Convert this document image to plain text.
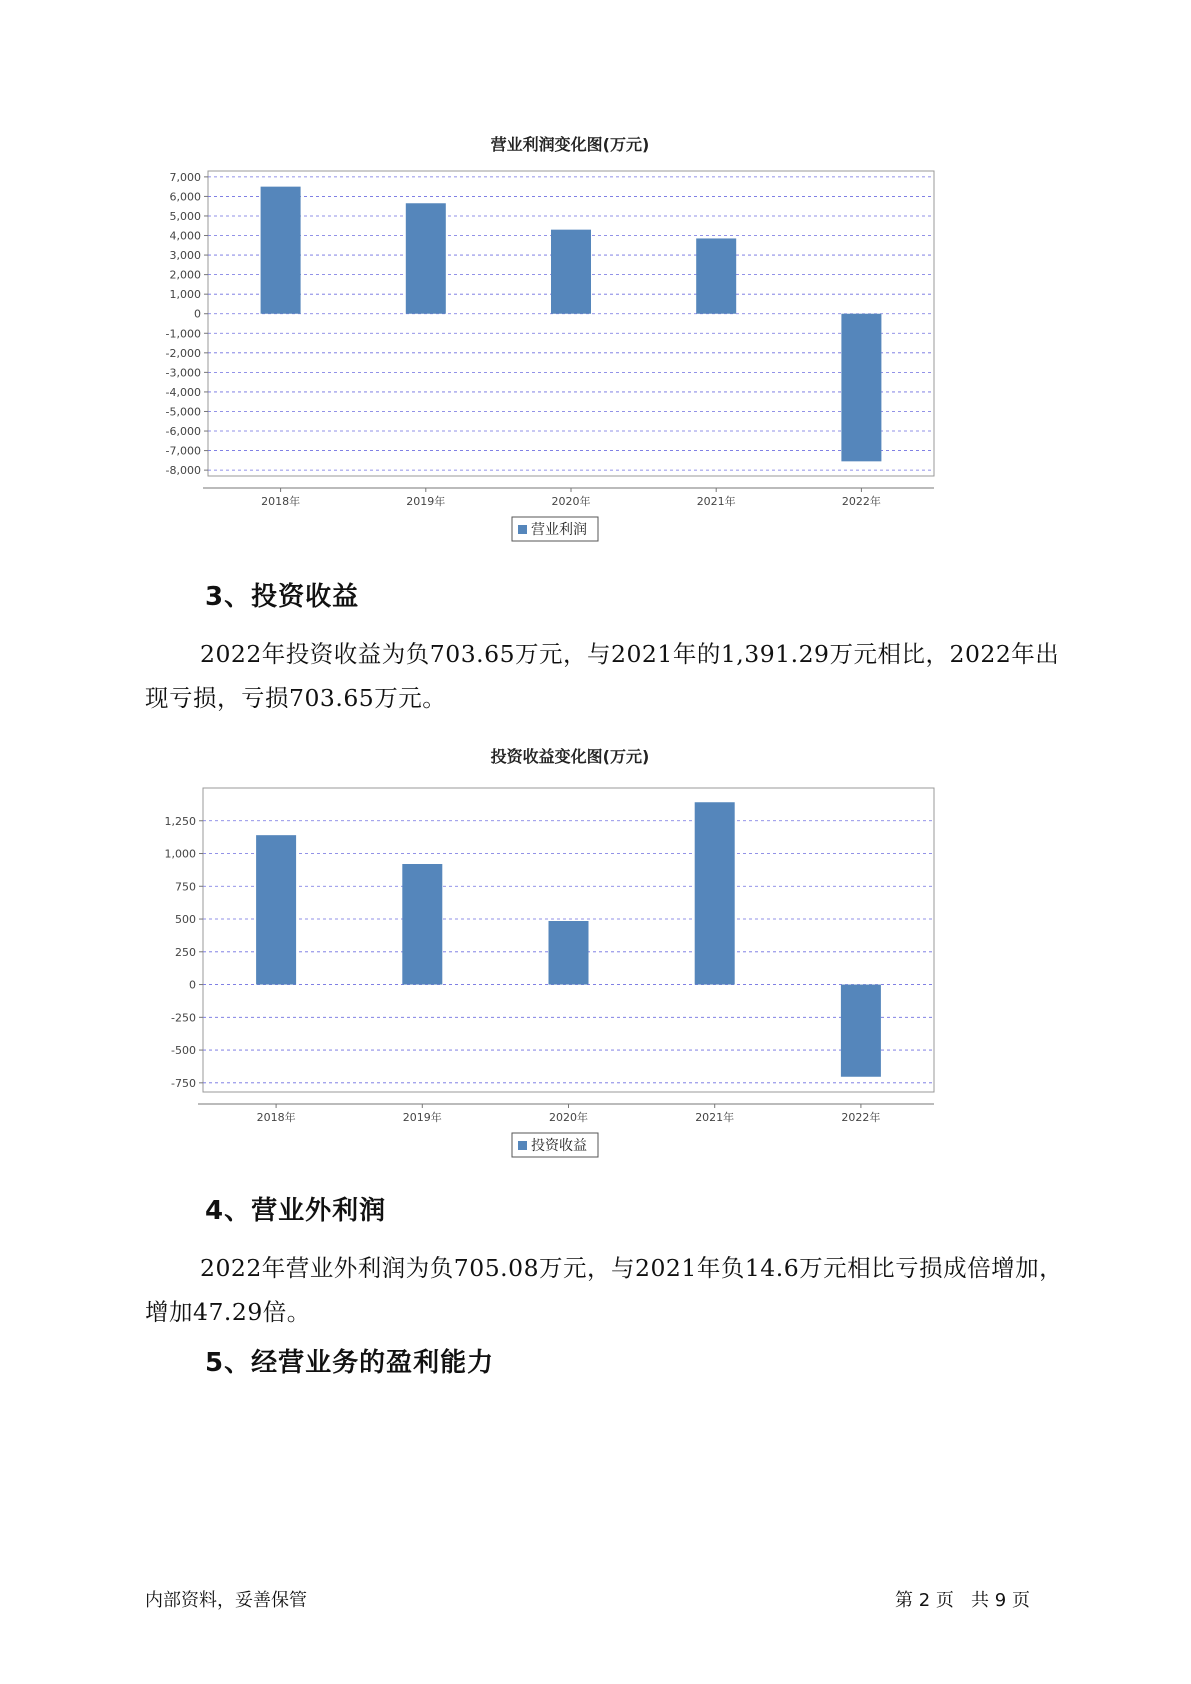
营业利润变化图(万元)
7,000
6,000
5,000
4,000
3,000
2,000
1,000
0
-1,000
-2,000
-3,000
-4,000
-5,000
-6,000
-7,000
-8,000
2018年	2019年	2020年	2021年	2022年
营业利润
3、投资收益

2022年投资收益为负703.65万元，与2021年的1,391.29万元相比，2022年出现亏损，亏损703.65万元。

投资收益变化图(万元)
1,250
1,000
750
500
250
0
-250
-500
-750
2018年	2019年	2020年	2021年	2022年
投资收益
4、营业外利润

2022年营业外利润为负705.08万元，与2021年负14.6万元相比亏损成倍增加，增加47.29倍。

5、经营业务的盈利能力
内部资料，妥善保管	第 2 页   共 9 页
